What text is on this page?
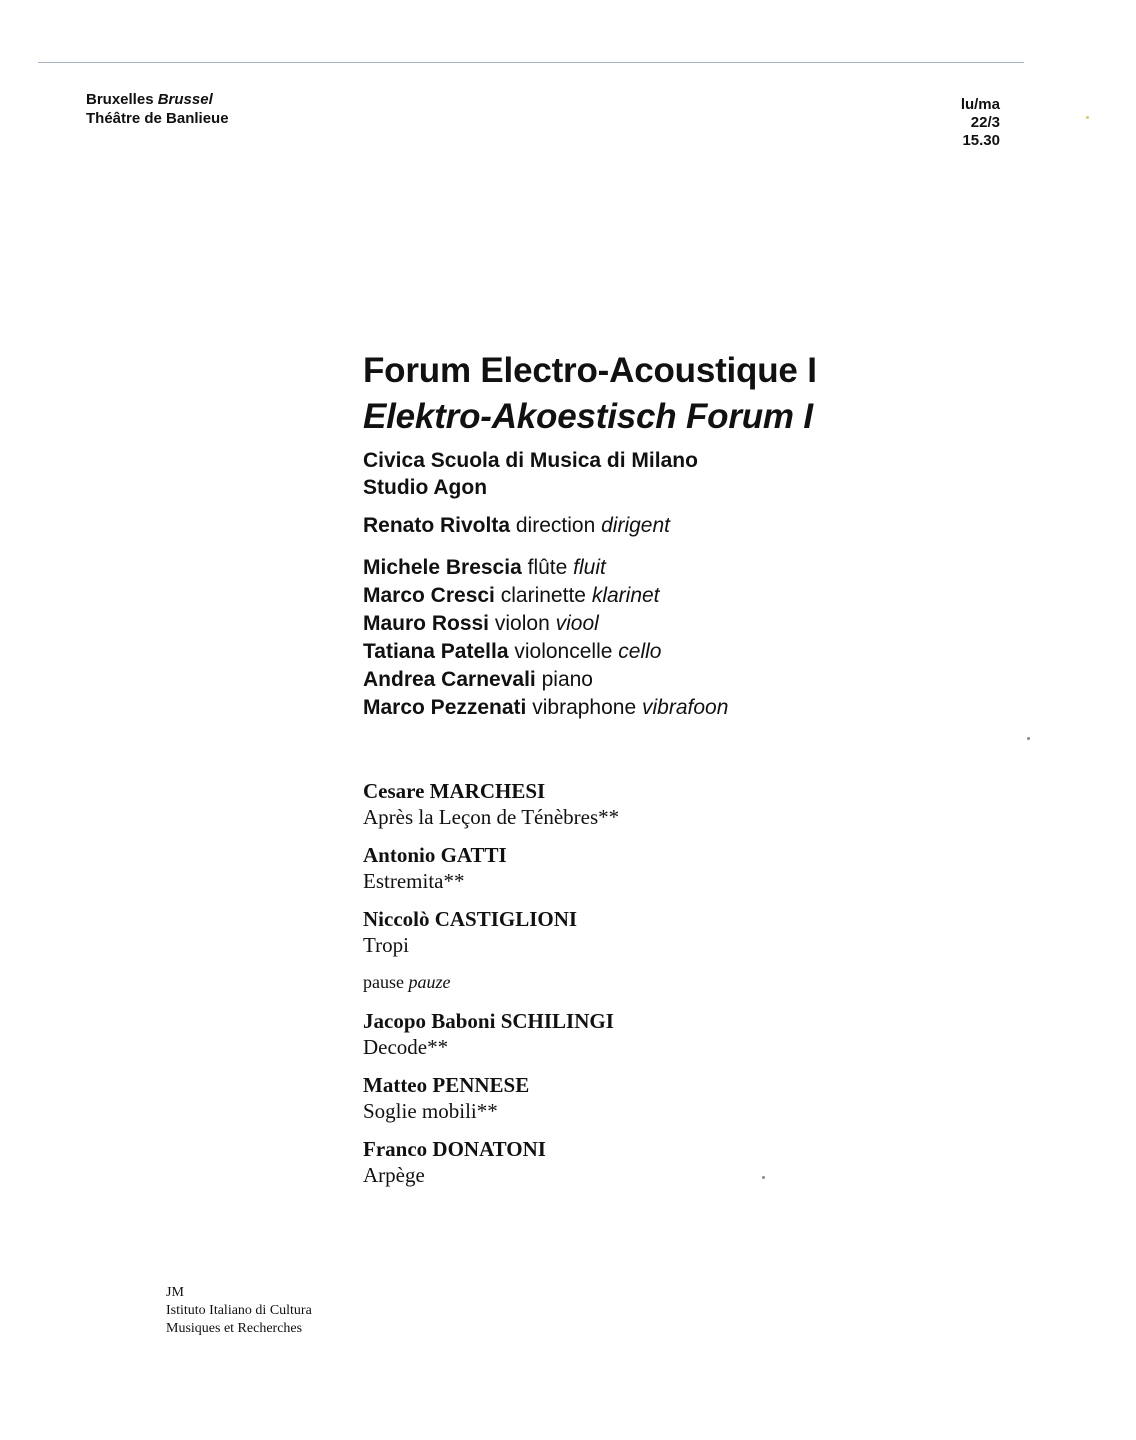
Bruxelles Brussel
Théâtre de Banlieue
lu/ma
22/3
15.30
Forum Electro-Acoustique I
Elektro-Akoestisch Forum I
Civica Scuola di Musica di Milano
Studio Agon
Renato Rivolta direction dirigent
Michele Brescia flûte fluit
Marco Cresci clarinette klarinet
Mauro Rossi violon viool
Tatiana Patella violoncelle cello
Andrea Carnevali piano
Marco Pezzenati vibraphone vibrafoon
Cesare MARCHESI
Après la Leçon de Ténèbres**
Antonio GATTI
Estremita**
Niccolò CASTIGLIONI
Tropi
pause pauze
Jacopo Baboni SCHILINGI
Decode**
Matteo PENNESE
Soglie mobili**
Franco DONATONI
Arpège
JM
Istituto Italiano di Cultura
Musiques et Recherches
